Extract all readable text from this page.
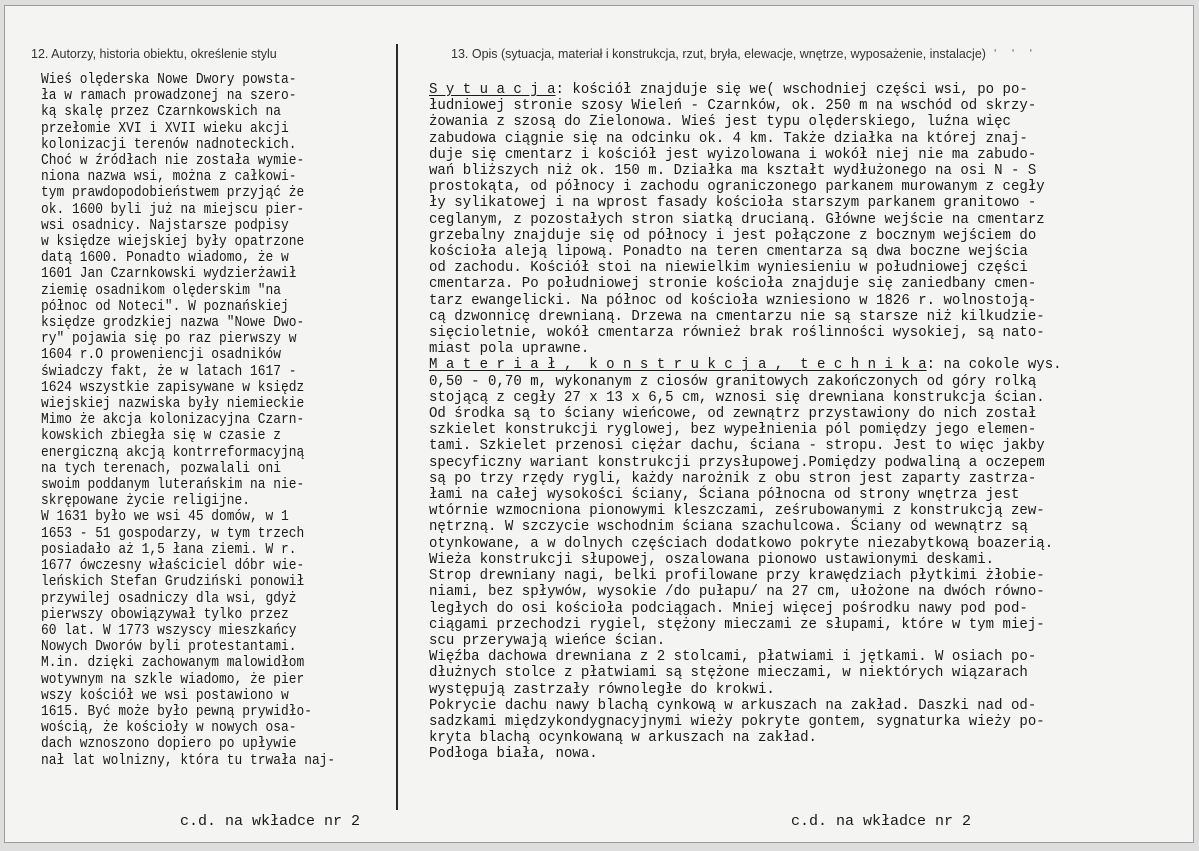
12. Autorzy, historia obiektu, określenie stylu	13. Opis (sytuacja, materiał i konstrukcja, rzut, bryła, elewacje, wnętrze, wyposażenie, instalacje) ' ' '
Wieś olęderska Nowe Dwory powsta-
ła w ramach prowadzonej na szero-
ką skalę przez Czarnkowskich na
przełomie XVI i XVII wieku akcji
kolonizacji terenów nadnoteckich.
Choć w źródłach nie została wymie-
niona nazwa wsi, można z całkowi-
tym prawdopodobieństwem przyjąć że
ok. 1600 byli już na miejscu pier-
wsi osadnicy. Najstarsze podpisy
w księdze wiejskiej były opatrzone
datą 1600. Ponadto wiadomo, że w
1601 Jan Czarnkowski wydzierżawił
ziemię osadnikom olęderskim "na
północ od Noteci". W poznańskiej
księdze grodzkiej nazwa "Nowe Dwo-
ry" pojawia się po raz pierwszy w
1604 r.O proweniencji osadników
świadczy fakt, że w latach 1617 -
1624 wszystkie zapisywane w księdz
wiejskiej nazwiska były niemieckie
Mimo że akcja kolonizacyjna Czarn-
kowskich zbiegła się w czasie z
energiczną akcją kontrreformacyjną
na tych terenach, pozwalali oni
swoim poddanym luterańskim na nie-
skrępowane życie religijne.
W 1631 było we wsi 45 domów, w 1
1653 - 51 gospodarzy, w tym trzech
posiadało aż 1,5 łana ziemi. W r.
1677 ówczesny właściciel dóbr wie-
leńskich Stefan Grudziński ponowił
przywilej osadniczy dla wsi, gdyż
pierwszy obowiązywał tylko przez
60 lat. W 1773 wszyscy mieszkańcy
Nowych Dworów byli protestantami.
M.in. dzięki zachowanym malowidłom
wotywnym na szkle wiadomo, że pier
wszy kościół we wsi postawiono w
1615. Być może było pewną prywidło-
wością, że kościoły w nowych osa-
dach wznoszono dopiero po upływie
nał lat wolnizny, która tu trwała naj-
S y t u a c j a: kościół znajduje się we( wschodniej części wsi, po po-
łudniowej stronie szosy Wieleń - Czarnków, ok. 250 m na wschód od skrzy-
żowania z szosą do Zielonowa. Wieś jest typu olęderskiego, luźna więc
zabudowa ciągnie się na odcinku ok. 4 km. Także działka na której znaj-
duje się cmentarz i kościół jest wyizolowana i wokół niej nie ma zabudo-
wań bliższych niż ok. 150 m. Działka ma kształt wydłużonego na osi N - S
prostokąta, od północy i zachodu ograniczonego parkanem murowanym z cegły
ły sylikatowej i na wprost fasady kościoła starszym parkanem granitowo -
ceglanym, z pozostałych stron siatką drucianą. Główne wejście na cmentarz
grzebalny znajduje się od północy i jest połączone z bocznym wejściem do
kościoła aleją lipową. Ponadto na teren cmentarza są dwa boczne wejścia
od zachodu. Kościół stoi na niewielkim wyniesieniu w południowej części
cmentarza. Po południowej stronie kościoła znajduje się zaniedbany cmen-
tarz ewangelicki. Na północ od kościoła wzniesiono w 1826 r. wolnostoją-
cą dzwonnicę drewnianą. Drzewa na cmentarzu nie są starsze niż kilkudzie-
sięcioletnie, wokół cmentarza również brak roślinności wysokiej, są nato-
miast pola uprawne.
M a t e r i a ł ,  k o n s t r u k c j a ,  t e c h n i k a: na cokole wys.
0,50 - 0,70 m, wykonanym z ciosów granitowych zakończonych od góry rolką
stojącą z cegły 27 x 13 x 6,5 cm, wznosi się drewniana konstrukcja ścian.
Od środka są to ściany wieńcowe, od zewnątrz przystawiony do nich został
szkielet konstrukcji ryglowej, bez wypełnienia pól pomiędzy jego elemen-
tami. Szkielet przenosi ciężar dachu, ściana - stropu. Jest to więc jakby
specyficzny wariant konstrukcji przysłupowej.Pomiędzy podwaliną a oczepem
są po trzy rzędy rygli, każdy narożnik z obu stron jest zaparty zastrza-
łami na całej wysokości ściany, Ściana północna od strony wnętrza jest
wtórnie wzmocniona pionowymi kleszczami, ześrubowanymi z konstrukcją zew-
nętrzną. W szczycie wschodnim ściana szachulcowa. Ściany od wewnątrz są
otynkowane, a w dolnych częściach dodatkowo pokryte niezabytkową boazerią.
Wieża konstrukcji słupowej, oszalowana pionowo ustawionymi deskami.
Strop drewniany nagi, belki profilowane przy krawędziach płytkimi żłobie-
niami, bez spływów, wysokie /do pułapu/ na 27 cm, ułożone na dwóch równo-
ległych do osi kościoła podciągach. Mniej więcej pośrodku nawy pod pod-
ciągami przechodzi rygiel, stężony mieczami ze słupami, które w tym miej-
scu przerywają wieńce ścian.
Więźba dachowa drewniana z 2 stolcami, płatwiami i jętkami. W osiach po-
dłużnych stolce z płatwiami są stężone mieczami, w niektórych wiązarach
występują zastrzały równoległe do krokwi.
Pokrycie dachu nawy blachą cynkową w arkuszach na zakład. Daszki nad od-
sadzkami międzykondygnacyjnymi wieży pokryte gontem, sygnaturka wieży po-
kryta blachą ocynkowaną w arkuszach na zakład.
Podłoga biała, nowa.
c.d. na wkładce nr 2	c.d. na wkładce nr 2
